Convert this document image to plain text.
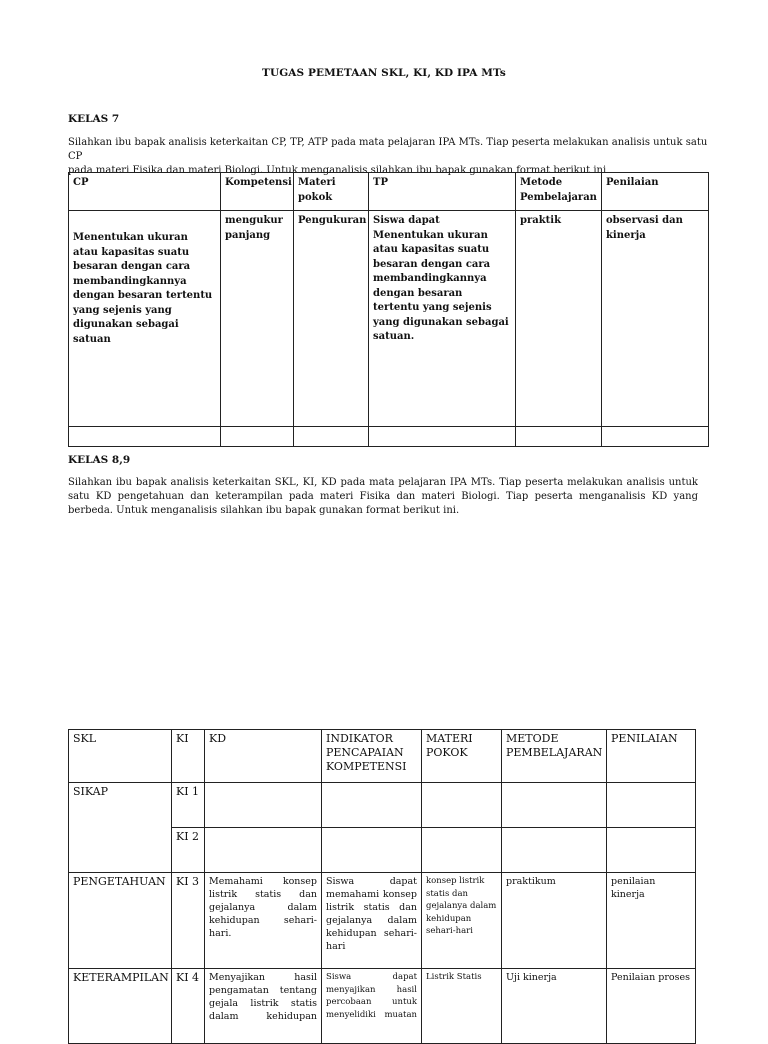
TUGAS PEMETAAN SKL, KI, KD IPA MTs
KELAS 7

Silahkan ibu bapak analisis keterkaitan CP, TP, ATP pada mata pelajaran IPA MTs. Tiap peserta melakukan analisis untuk satu CP

pada materi Fisika dan materi Biologi. Untuk menganalisis silahkan ibu bapak gunakan format berikut ini

CP	Kompetensi	Materi pokok	TP	Metode Pembelajaran	Penilaian
Menentukan ukuran atau kapasitas suatu besaran dengan cara membandingkannya dengan besaran tertentu yang sejenis yang digunakan sebagai satuan	mengukur panjang	Pengukuran	Siswa dapat Menentukan ukuran atau kapasitas suatu besaran dengan cara membandingkannya dengan besaran tertentu yang sejenis yang digunakan sebagai satuan.	praktik	observasi dan kinerja

KELAS 8,9
Silahkan ibu bapak analisis keterkaitan SKL, KI, KD pada mata pelajaran IPA MTs. Tiap peserta melakukan analisis untuk satu KD pengetahuan dan keterampilan pada materi Fisika dan materi Biologi. Tiap peserta menganalisis KD yang berbeda. Untuk menganalisis silahkan ibu bapak gunakan format berikut ini.
SKL	KI	KD	INDIKATOR PENCAPAIAN KOMPETENSI	MATERI POKOK	METODE PEMBELAJARAN	PENILAIAN
SIKAP	KI 1					
	KI 2					
PENGETAHUAN	KI 3	Memahami konsep listrik statis dan gejalanya dalam kehidupan sehari-hari.	Siswa dapat memahami konsep listrik statis dan gejalanya dalam kehidupan sehari-hari	konsep listrik statis dan gejalanya dalam kehidupan sehari-hari	praktikum	penilaian kinerja
KETERAMPILAN	KI 4	Menyajikan hasil pengamatan tentang gejala listrik statis dalam kehidupan	Siswa dapat menyajikan hasil percobaan untuk menyelidiki muatan	Listrik Statis	Uji kinerja	Penilaian proses
